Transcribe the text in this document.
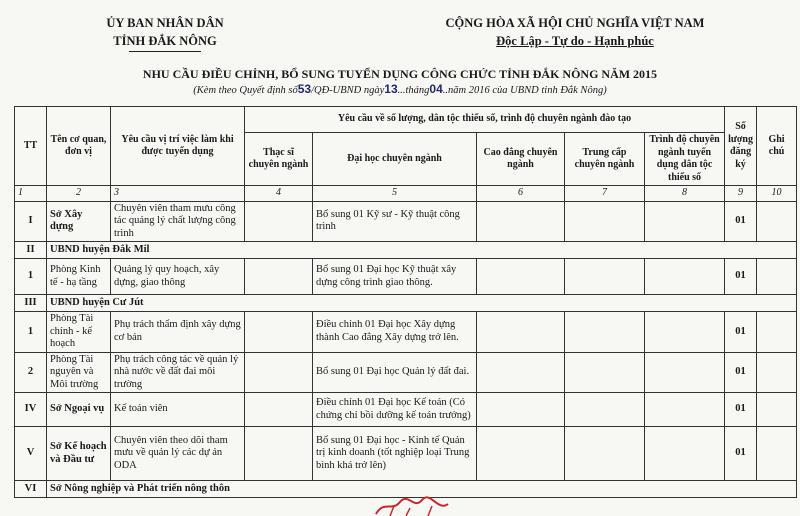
ỦY BAN NHÂN DÂN
TỈNH ĐẮK NÔNG
CỘNG HÒA XÃ HỘI CHỦ NGHĨA VIỆT NAM
Độc Lập - Tự do - Hạnh phúc
NHU CẦU ĐIỀU CHỈNH, BỔ SUNG TUYỂN DỤNG CÔNG CHỨC TỈNH ĐẮK NÔNG NĂM 2015
(Kèm theo Quyết định số53/QĐ-UBND ngày13...tháng04..năm 2016 của UBND tỉnh Đắk Nông)
TT	Tên cơ quan, đơn vị	Yêu cầu vị trí việc làm khi được tuyển dụng	Yêu cầu về số lượng, dân tộc thiểu số, trình độ chuyên ngành đào tạo					Số lượng đăng ký	Ghi chú
			Thạc sĩ chuyên ngành	Đại học chuyên ngành	Cao đẳng chuyên ngành	Trung cấp chuyên ngành	Trình độ chuyên ngành tuyển dụng dân tộc thiểu số		
1	2	3	4	5	6	7	8	9	10
I	Sở Xây dựng	Chuyên viên tham mưu công tác quảng lý chất lượng công trình		Bổ sung 01 Kỹ sư - Kỹ thuật công trình				01	
II	UBND huyện Đắk Mil								
1	Phòng Kinh tế - hạ tầng	Quảng lý quy hoạch, xây dựng, giao thông		Bổ sung 01 Đại học Kỹ thuật xây dựng công trình giao thông.				01	
III	UBND huyện Cư Jút								
1	Phòng Tài chính - kế hoạch	Phụ trách thẩm định xây dựng cơ bản		Điều chỉnh 01 Đại học Xây dựng thành Cao đẳng Xây dựng trở lên.				01	
2	Phòng Tài nguyên và Môi trường	Phụ trách công tác về quản lý nhà nước về đất đai môi trường		Bổ sung 01 Đại học Quản lý đất đai.				01	
IV	Sở Ngoại vụ	Kế toán viên		Điều chỉnh 01 Đại học Kế toán (Có chứng chỉ bồi dưỡng kế toán trưởng)				01	
V	Sở Kế hoạch và Đầu tư	Chuyên viên theo dõi tham mưu về quản lý các dự án ODA		Bổ sung 01 Đại học - Kinh tế Quản trị kinh doanh (tốt nghiệp loại Trung bình khá trở lên)				01	
VI	Sở Nông nghiệp và Phát triển nông thôn								
